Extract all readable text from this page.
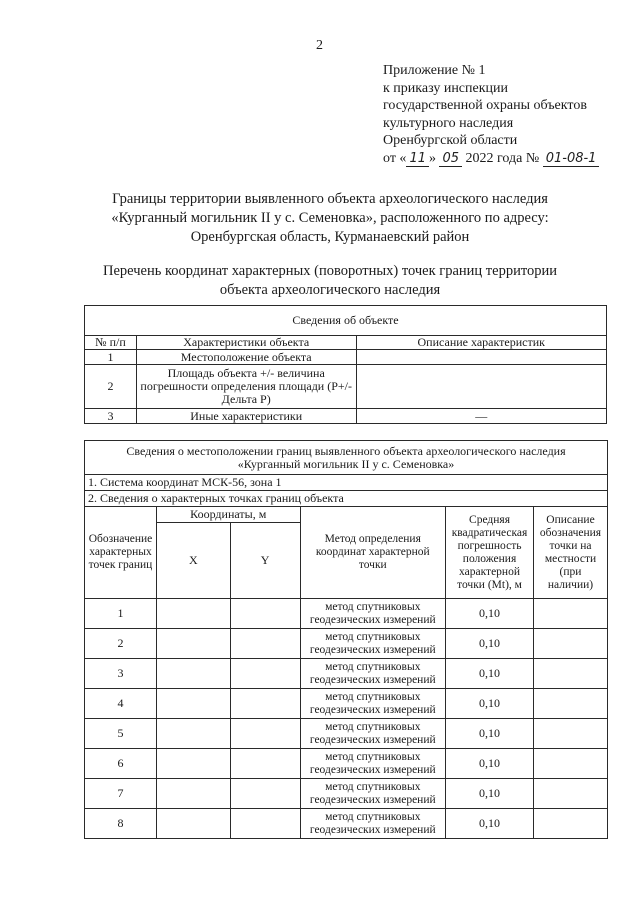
2
Приложение № 1
к приказу инспекции
государственной охраны объектов
культурного наследия
Оренбургской области
от « 11 » 05 2022 года № 01-08-1
Границы территории выявленного объекта археологического наследия
«Курганный могильник II у с. Семеновка», расположенного по адресу:
Оренбургская область, Курманаевский район
Перечень координат характерных (поворотных) точек границ территории
объекта археологического наследия
Сведения об объекте		
№ п/п	Характеристики объекта	Описание характеристик
1	Местоположение объекта	
2	Площадь объекта +/- величина погрешности определения площади (P+/- Дельта P)	
3	Иные характеристики	—
Сведения о местоположении границ выявленного объекта археологического наследия
«Курганный могильник II у с. Семеновка»					

1. Система координат МСК-56, зона 1					
2. Сведения о характерных точках границ объекта					
Обозначение характерных точек границ	Координаты, м		Метод определения координат характерной точки	Средняя квадратическая погрешность положения характерной точки (Mt), м	Описание обозначения точки на местности (при наличии)
	X	Y			
1			метод спутниковых геодезических измерений	0,10	
2			метод спутниковых геодезических измерений	0,10	
3			метод спутниковых геодезических измерений	0,10	
4			метод спутниковых геодезических измерений	0,10	
5			метод спутниковых геодезических измерений	0,10	
6			метод спутниковых геодезических измерений	0,10	
7			метод спутниковых геодезических измерений	0,10	
8			метод спутниковых геодезических измерений	0,10	
